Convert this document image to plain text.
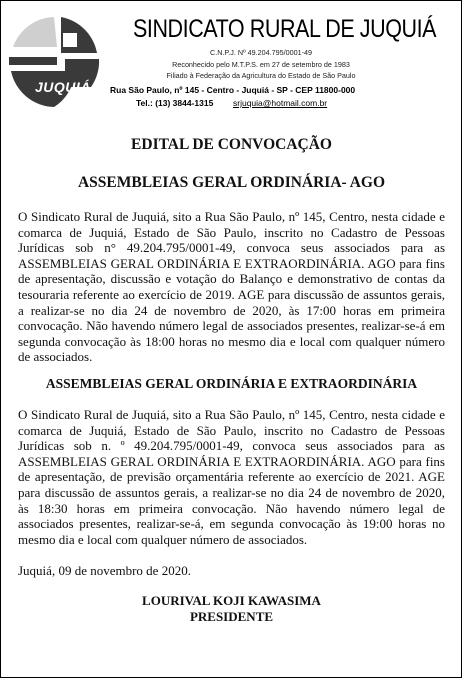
JUQUIÁ
SINDICATO RURAL DE JUQUIÁ
C.N.P.J. Nº 49.204.795/0001-49
Reconhecido pelo M.T.P.S. em 27 de setembro de 1983
Filiado à Federação da Agricultura do Estado de São Paulo
Rua São Paulo, nº 145 - Centro - Juquiá - SP - CEP 11800-000
Tel.: (13) 3844-1315 srjuquia@hotmail.com.br
EDITAL DE CONVOCAÇÃO
ASSEMBLEIAS GERAL ORDINÁRIA- AGO

O Sindicato Rural de Juquiá, sito a Rua São Paulo, nº 145, Centro, nesta cidade e comarca de Juquiá, Estado de São Paulo, inscrito no Cadastro de Pessoas Jurídicas sob n° 49.204.795/0001-49, convoca seus associados para as ASSEMBLEIAS GERAL ORDINÁRIA E EXTRAORDINÁRIA. AGO para fins de apresentação, discussão e votação do Balanço e demonstrativo de contas da tesouraria referente ao exercício de 2019. AGE para discussão de assuntos gerais, a realizar-se no dia 24 de novembro de 2020, às 17:00 horas em primeira convocação. Não havendo número legal de associados presentes, realizar-se-á em segunda convocação às 18:00 horas no mesmo dia e local com qualquer número de associados.

ASSEMBLEIAS GERAL ORDINÁRIA E EXTRAORDINÁRIA

O Sindicato Rural de Juquiá, sito a Rua São Paulo, nº 145, Centro, nesta cidade e comarca de Juquiá, Estado de São Paulo, inscrito no Cadastro de Pessoas Jurídicas sob n. º 49.204.795/0001-49, convoca seus associados para as ASSEMBLEIAS GERAL ORDINÁRIA E EXTRAORDINÁRIA. AGO para fins de apresentação, de previsão orçamentária referente ao exercício de 2021. AGE para discussão de assuntos gerais, a realizar-se no dia 24 de novembro de 2020, às 18:30 horas em primeira convocação. Não havendo número legal de associados presentes, realizar-se-á, em segunda convocação às 19:00 horas no mesmo dia e local com qualquer número de associados.

Juquiá, 09 de novembro de 2020.

LOURIVAL KOJI KAWASIMA

PRESIDENTE
